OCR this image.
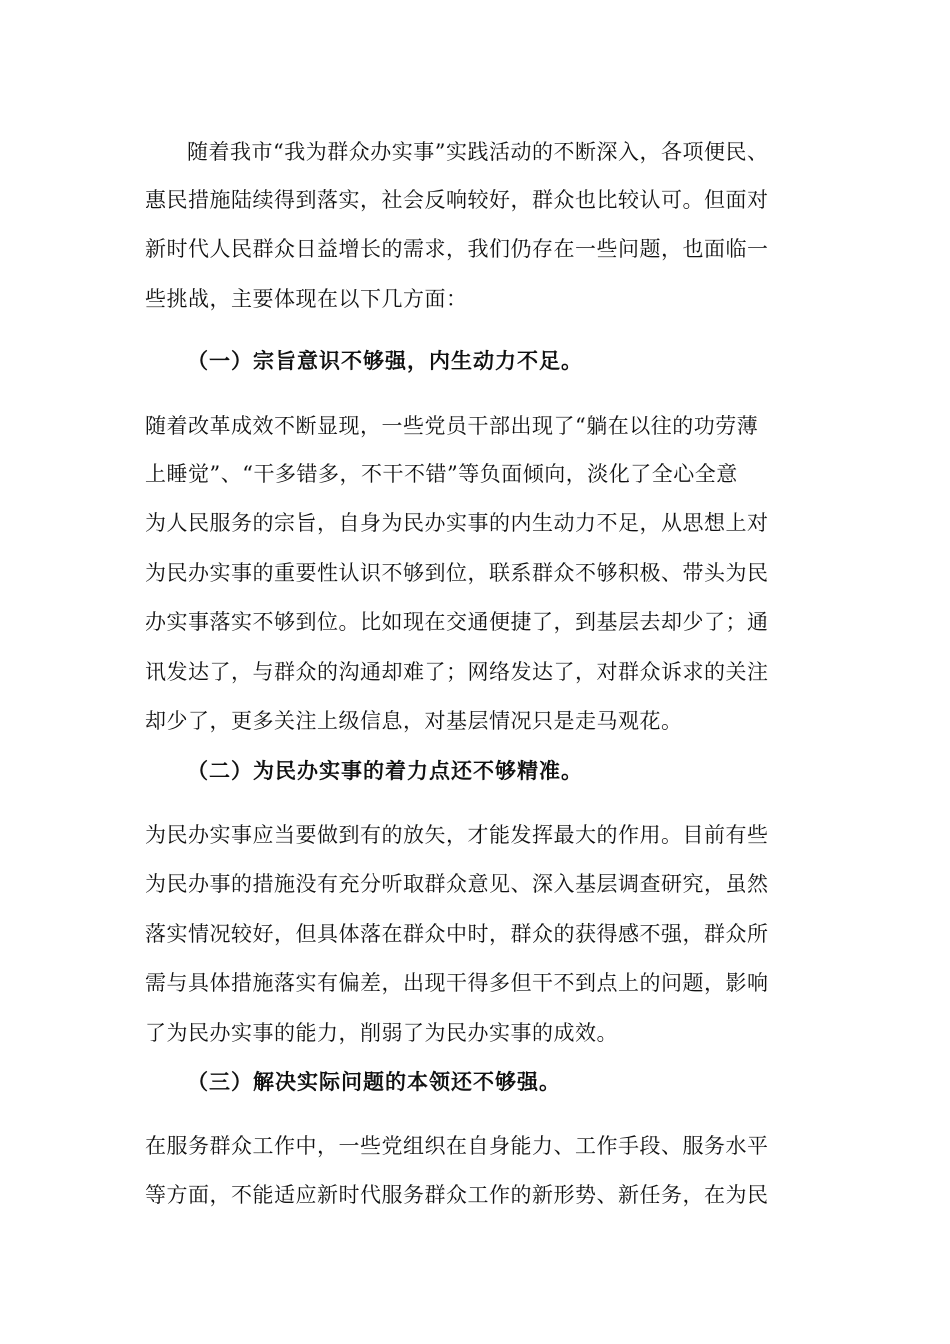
随着我市“我为群众办实事”实践活动的不断深入，各项便民、
惠民措施陆续得到落实，社会反响较好，群众也比较认可。但面对
新时代人民群众日益增长的需求，我们仍存在一些问题，也面临一
些挑战，主要体现在以下几方面：
（一）宗旨意识不够强，内生动力不足。
随着改革成效不断显现，一些党员干部出现了“躺在以往的功劳薄
上睡觉”、“干多错多，不干不错”等负面倾向，淡化了全心全意
为人民服务的宗旨，自身为民办实事的内生动力不足，从思想上对
为民办实事的重要性认识不够到位，联系群众不够积极、带头为民
办实事落实不够到位。比如现在交通便捷了，到基层去却少了；通
讯发达了，与群众的沟通却难了；网络发达了，对群众诉求的关注
却少了，更多关注上级信息，对基层情况只是走马观花。
（二）为民办实事的着力点还不够精准。
为民办实事应当要做到有的放矢，才能发挥最大的作用。目前有些
为民办事的措施没有充分听取群众意见、深入基层调查研究，虽然
落实情况较好，但具体落在群众中时，群众的获得感不强，群众所
需与具体措施落实有偏差，出现干得多但干不到点上的问题，影响
了为民办实事的能力，削弱了为民办实事的成效。
（三）解决实际问题的本领还不够强。
在服务群众工作中，一些党组织在自身能力、工作手段、服务水平
等方面，不能适应新时代服务群众工作的新形势、新任务，在为民
